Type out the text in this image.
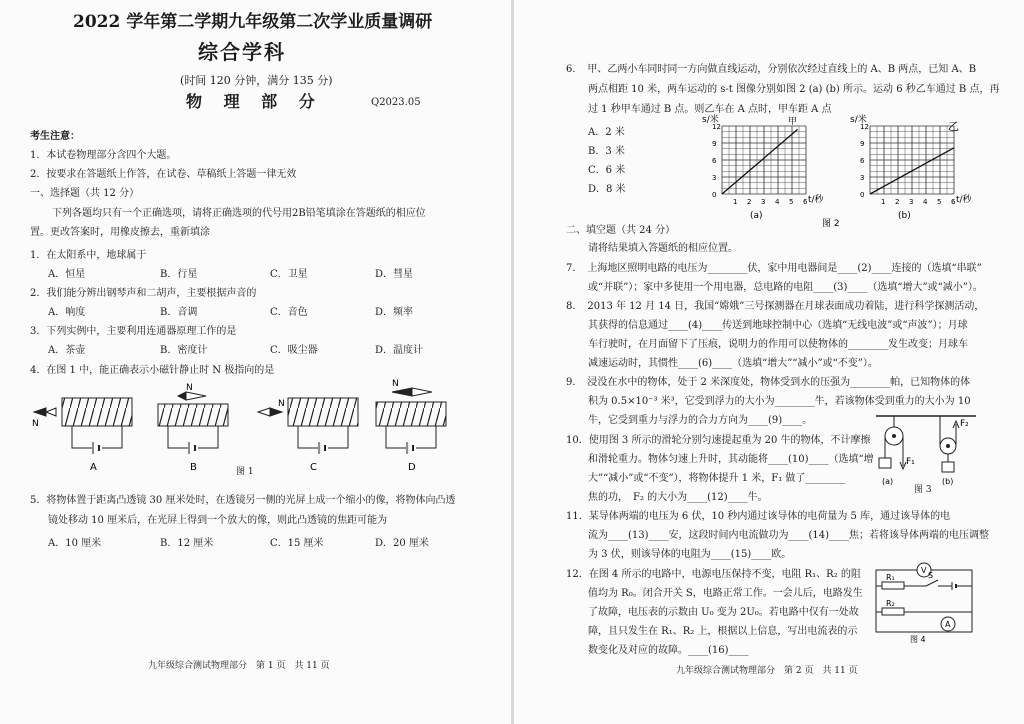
2022 学年第二学期九年级第二次学业质量调研
综合学科
(时间 120 分钟，满分 135 分)
物 理 部 分	Q2023.05
考生注意：
1．本试卷物理部分含四个大题。
2．按要求在答题纸上作答，在试卷、草稿纸上答题一律无效
一、选择题（共 12 分）
下列各题均只有一个正确选项，请将正确选项的代号用2B铅笔填涂在答题纸的相应位
置。更改答案时，用橡皮擦去，重新填涂
1．在太阳系中，地球属于
A．恒星	B．行星	C．卫星	D．彗星
2．我们能分辨出钢琴声和二胡声，主要根据声音的
A．响度	B．音调	C．音色	D．频率
3．下列实例中，主要利用连通器原理工作的是
A．茶壶	B．密度计	C．吸尘器	D．温度计
4．在图 1 中，能正确表示小磁针静止时 N 极指向的是
N
N
N
N
A	B	C	D
图 1
5．将物体置于距离凸透镜 30 厘米处时，在透镜另一侧的光屏上成一个缩小的像，将物体向凸透
镜处移动 10 厘米后，在光屏上得到一个放大的像，则此凸透镜的焦距可能为
A．10 厘米	B．12 厘米	C．15 厘米	D．20 厘米
九年级综合测试物理部分　第 1 页　共 11 页
6．　甲、乙两小车同时同一方向做直线运动，分别依次经过直线上的 A、B 两点，已知 A、B
两点相距 10 米，两车运动的 s-t 图像分别如图 2 (a) (b) 所示。运动 6 秒乙车通过 B 点，再
过 1 秒甲车通过 B 点。则乙车在 A 点时，甲车距 A 点
A．2 米
B．3 米
C．6 米
D．8 米
s/米	甲
0
3
6
9
12
1 2 3 4 5 6 t/秒
(a)
s/米	乙
0
3
6
9
12
1 2 3 4 5 6 t/秒
(b)
图 2
二、填空题（共 24 分）
请将结果填入答题纸的相应位置。
7．　上海地区照明电路的电压为________伏，家中用电器间是____(2)____连接的（选填“串联”
或“并联”）；家中多使用一个用电器，总电路的电阻____(3)____（选填“增大”或“减小”）。
8．　2013 年 12 月 14 日，我国“嫦娥”三号探测器在月球表面成功着陆，进行科学探测活动，
其获得的信息通过____(4)____传送到地球控制中心（选填“无线电波”或“声波”）；月球
车行驶时，在月面留下了压痕，说明力的作用可以使物体的________发生改变；月球车
减速运动时，其惯性____(6)____（选填“增大”“减小”或“不变”）。
9．　浸没在水中的物体，处于 2 米深度处，物体受到水的压强为________帕，已知物体的体
积为 0.5×10⁻³ 米³，它受到浮力的大小为________牛，若该物体受到重力的大小为 10
牛，它受到重力与浮力的合力方向为____(9)____。
10．使用图 3 所示的滑轮分别匀速提起重为 20 牛的物体，不计摩擦
和滑轮重力。物体匀速上升时，其动能将____(10)____（选填“增
大”“减小”或“不变”），将物体提升 1 米，F₁ 做了________
焦的功，　F₂ 的大小为____(12)____牛。
F₁
(a)
F₂
(b)
图 3
11．某导体两端的电压为 6 伏，10 秒内通过该导体的电荷量为 5 库，通过该导体的电
流为____(13)____安，这段时间内电流做功为____(14)____焦；若将该导体两端的电压调整
为 3 伏，则该导体的电阻为____(15)____欧。
12．在图 4 所示的电路中，电源电压保持不变，电阻 R₁、R₂ 的阻
值均为 R₀。闭合开关 S，电路正常工作。一会儿后，电路发生
了故障，电压表的示数由 U₀ 变为 2U₀。若电路中仅有一处故
障，且只发生在 R₁、R₂ 上，根据以上信息，写出电流表的示
数变化及对应的故障。____(16)____
V
R₁	S
R₂
A
图 4
九年级综合测试物理部分　第 2 页　共 11 页
